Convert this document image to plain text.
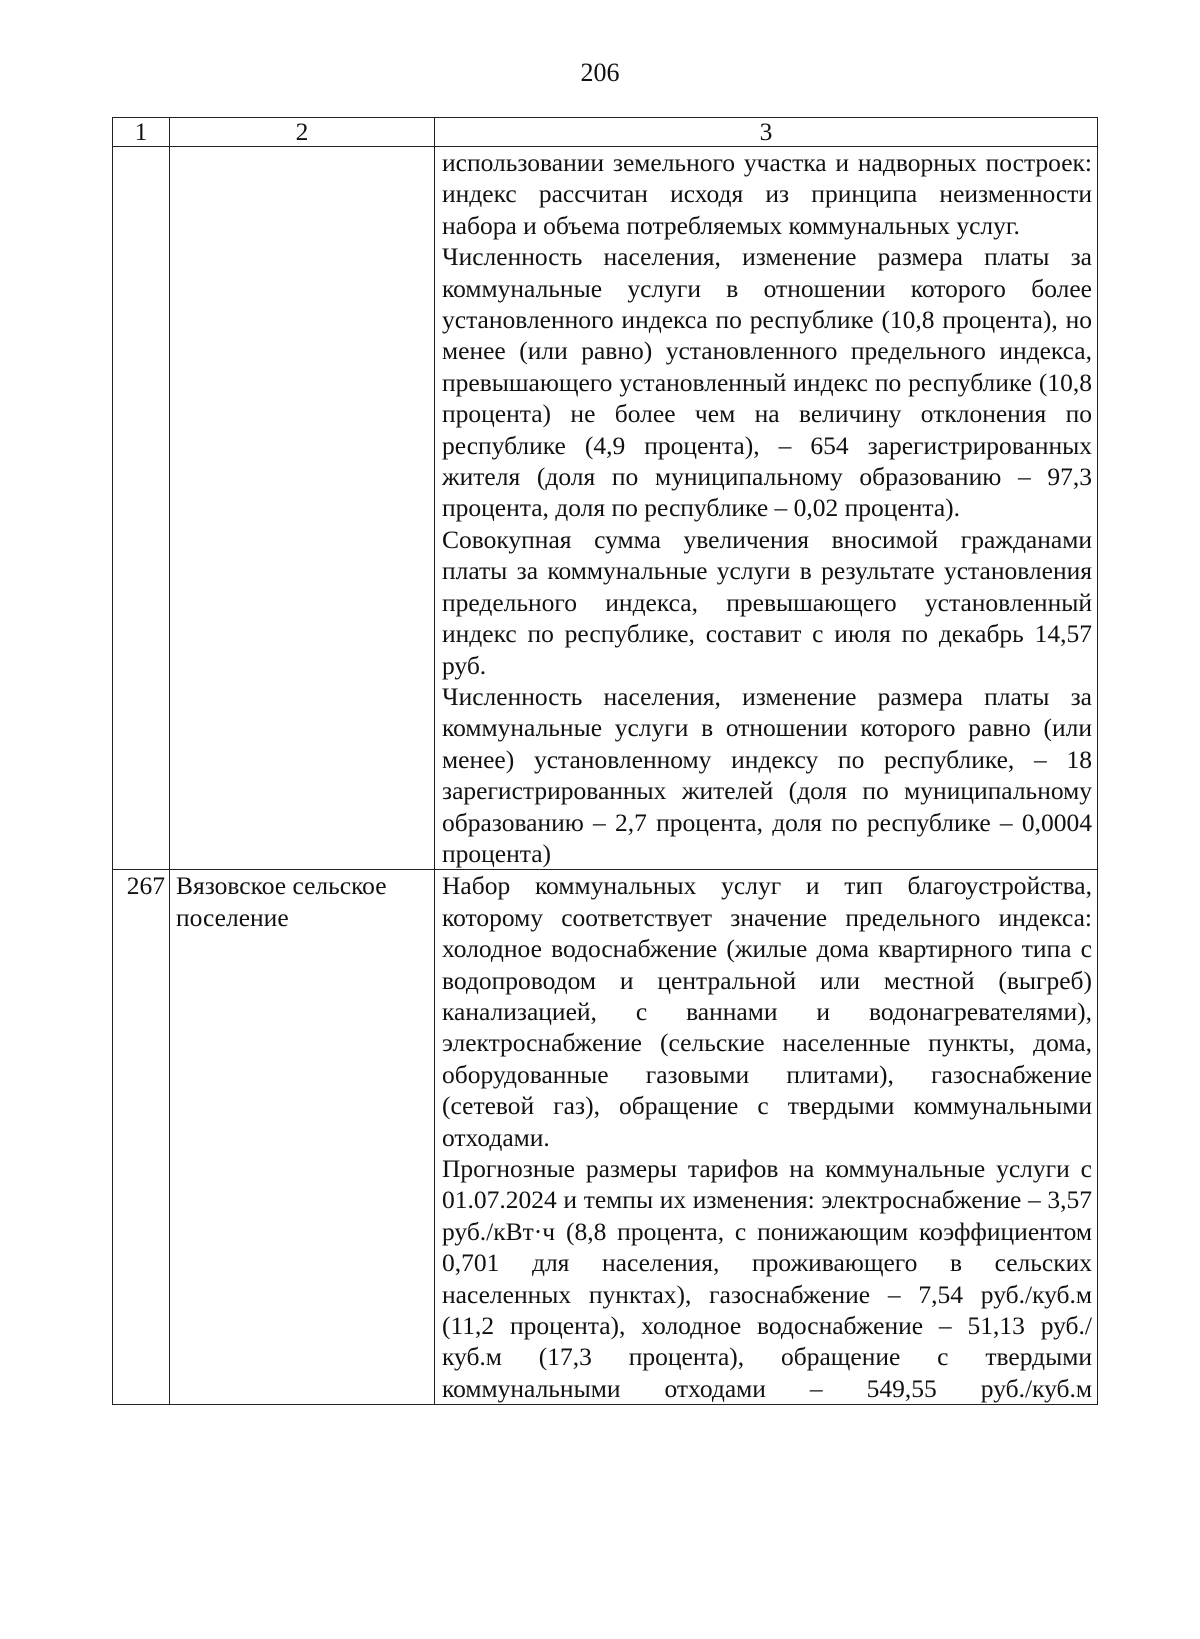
206
1	2	3

		использовании земельного участка и надворных построек: индекс рассчитан исходя из принципа неизменности набора и объема потребляемых коммунальных услуг.

Численность населения, изменение размера платы за коммунальные услуги в отношении которого более установленного индекса по республике (10,8 процента), но менее (или равно) установленного предельного индекса, превышающего установленный индекс по республике (10,8 процента) не более чем на величину отклонения по республике (4,9 процента), – 654 зарегистрированных жителя (доля по муниципальному образованию – 97,3 процента, доля по республике – 0,02 процента).

Совокупная сумма увеличения вносимой гражданами платы за коммунальные услуги в результате установления предельного индекса, превышающего установленный индекс по республике, составит с июля по декабрь 14,57 руб.

Численность населения, изменение размера платы за коммунальные услуги в отношении которого равно (или менее) установленному индексу по республике, – 18 зарегистрированных жителей (доля по муниципальному образованию – 2,7 процента, доля по республике – 0,0004 процента)

267	Вязовское сельское поселение	Набор коммунальных услуг и тип благоустройства, которому соответствует значение предельного индекса: холодное водоснабжение (жилые дома квартирного типа с водопроводом и центральной или местной (выгреб) канализацией, с ваннами и водонагревателями), электроснабжение (сельские населенные пункты, дома, оборудованные газовыми плитами), газоснабжение (сетевой газ), обращение с твердыми коммунальными отходами.

Прогнозные размеры тарифов на коммунальные услуги с 01.07.2024 и темпы их изменения: электроснабжение – 3,57 руб./кВт·ч (8,8 процента, с понижающим коэффициентом 0,701 для населения, проживающего в сельских населенных пунктах), газоснабжение – 7,54 руб./куб.м (11,2 процента), холодное водоснабжение – 51,13 руб./куб.м (17,3 процента), обращение с твердыми коммунальными отходами – 549,55 руб./куб.м
